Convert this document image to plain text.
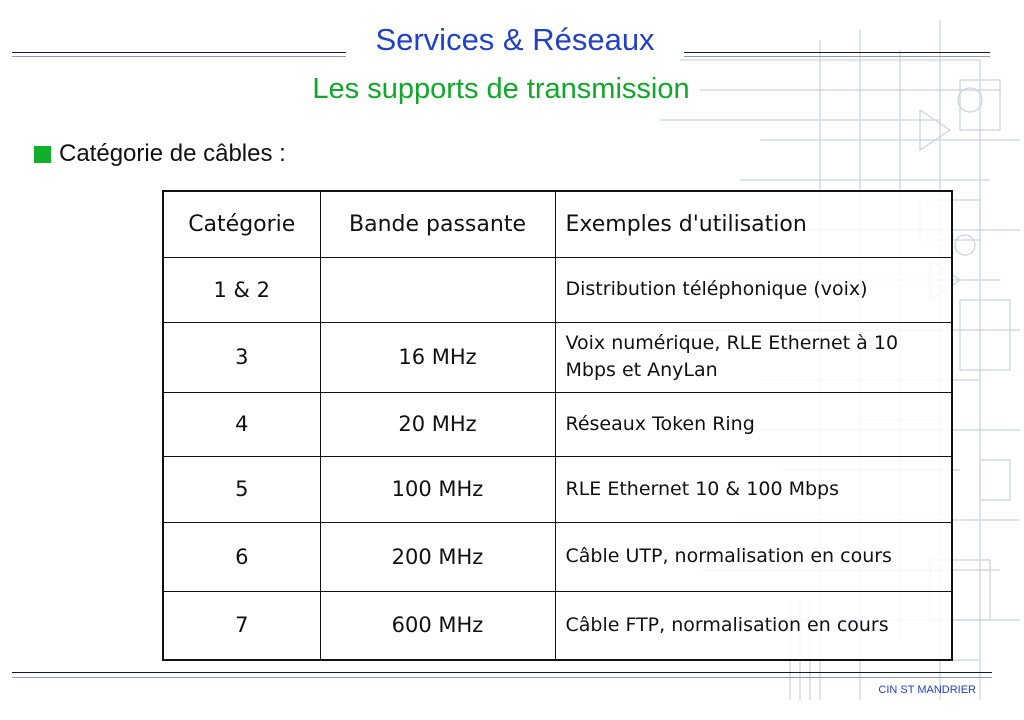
Services & Réseaux
Les supports de transmission
Catégorie de câbles :
Catégorie	Bande passante	Exemples d'utilisation
1 & 2		Distribution téléphonique (voix)
3	16 MHz	Voix numérique, RLE Ethernet à 10 Mbps et AnyLan
4	20 MHz	Réseaux Token Ring
5	100 MHz	RLE Ethernet 10 & 100 Mbps
6	200 MHz	Câble UTP, normalisation en cours
7	600 MHz	Câble FTP, normalisation en cours
CIN ST MANDRIER
